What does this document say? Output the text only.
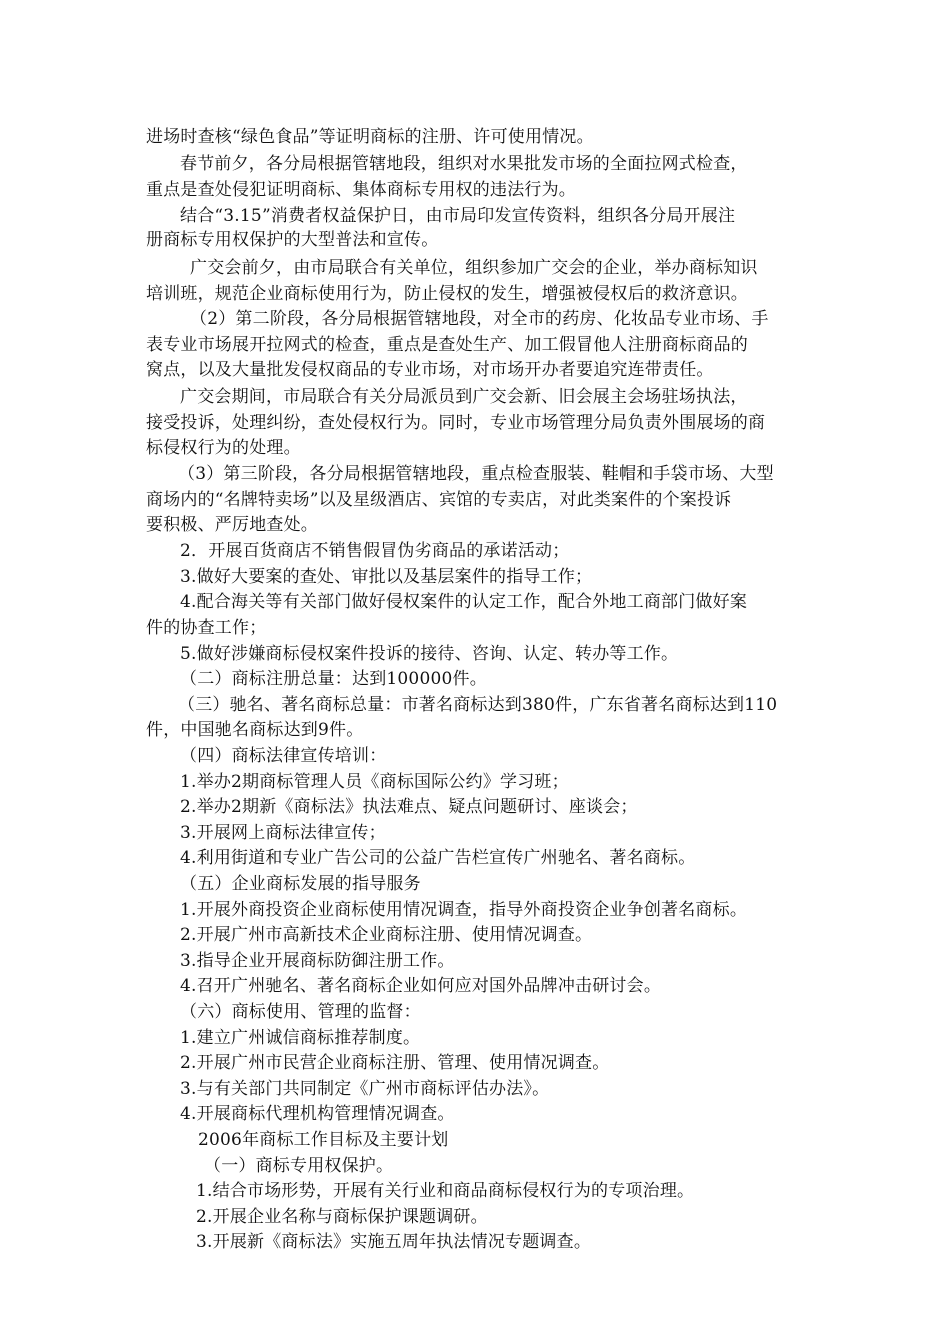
进场时查核“绿色食品”等证明商标的注册、许可使用情况。
春节前夕，各分局根据管辖地段，组织对水果批发市场的全面拉网式检查，
重点是查处侵犯证明商标、集体商标专用权的违法行为。
结合“3.15”消费者权益保护日，由市局印发宣传资料，组织各分局开展注
册商标专用权保护的大型普法和宣传。
广交会前夕，由市局联合有关单位，组织参加广交会的企业，举办商标知识
培训班，规范企业商标使用行为，防止侵权的发生，增强被侵权后的救济意识。
（2）第二阶段，各分局根据管辖地段，对全市的药房、化妆品专业市场、手
表专业市场展开拉网式的检查，重点是查处生产、加工假冒他人注册商标商品的
窝点，以及大量批发侵权商品的专业市场，对市场开办者要追究连带责任。
广交会期间，市局联合有关分局派员到广交会新、旧会展主会场驻场执法，
接受投诉，处理纠纷，查处侵权行为。同时，专业市场管理分局负责外围展场的商
标侵权行为的处理。
（3）第三阶段，各分局根据管辖地段，重点检查服装、鞋帽和手袋市场、大型
商场内的“名牌特卖场”以及星级酒店、宾馆的专卖店，对此类案件的个案投诉
要积极、严厉地查处。
2．开展百货商店不销售假冒伪劣商品的承诺活动；
3.做好大要案的查处、审批以及基层案件的指导工作；
4.配合海关等有关部门做好侵权案件的认定工作，配合外地工商部门做好案
件的协查工作；
5.做好涉嫌商标侵权案件投诉的接待、咨询、认定、转办等工作。
（二）商标注册总量：达到100000件。
（三）驰名、著名商标总量：市著名商标达到380件，广东省著名商标达到110
件，中国驰名商标达到9件。
（四）商标法律宣传培训：
1.举办2期商标管理人员《商标国际公约》学习班；
2.举办2期新《商标法》执法难点、疑点问题研讨、座谈会；
3.开展网上商标法律宣传；
4.利用街道和专业广告公司的公益广告栏宣传广州驰名、著名商标。
（五）企业商标发展的指导服务
1.开展外商投资企业商标使用情况调查，指导外商投资企业争创著名商标。
2.开展广州市高新技术企业商标注册、使用情况调查。
3.指导企业开展商标防御注册工作。
4.召开广州驰名、著名商标企业如何应对国外品牌冲击研讨会。
（六）商标使用、管理的监督：
1.建立广州诚信商标推荐制度。
2.开展广州市民营企业商标注册、管理、使用情况调查。
3.与有关部门共同制定《广州市商标评估办法》。
4.开展商标代理机构管理情况调查。
2006年商标工作目标及主要计划
（一）商标专用权保护。
1.结合市场形势，开展有关行业和商品商标侵权行为的专项治理。
2.开展企业名称与商标保护课题调研。
3.开展新《商标法》实施五周年执法情况专题调查。
